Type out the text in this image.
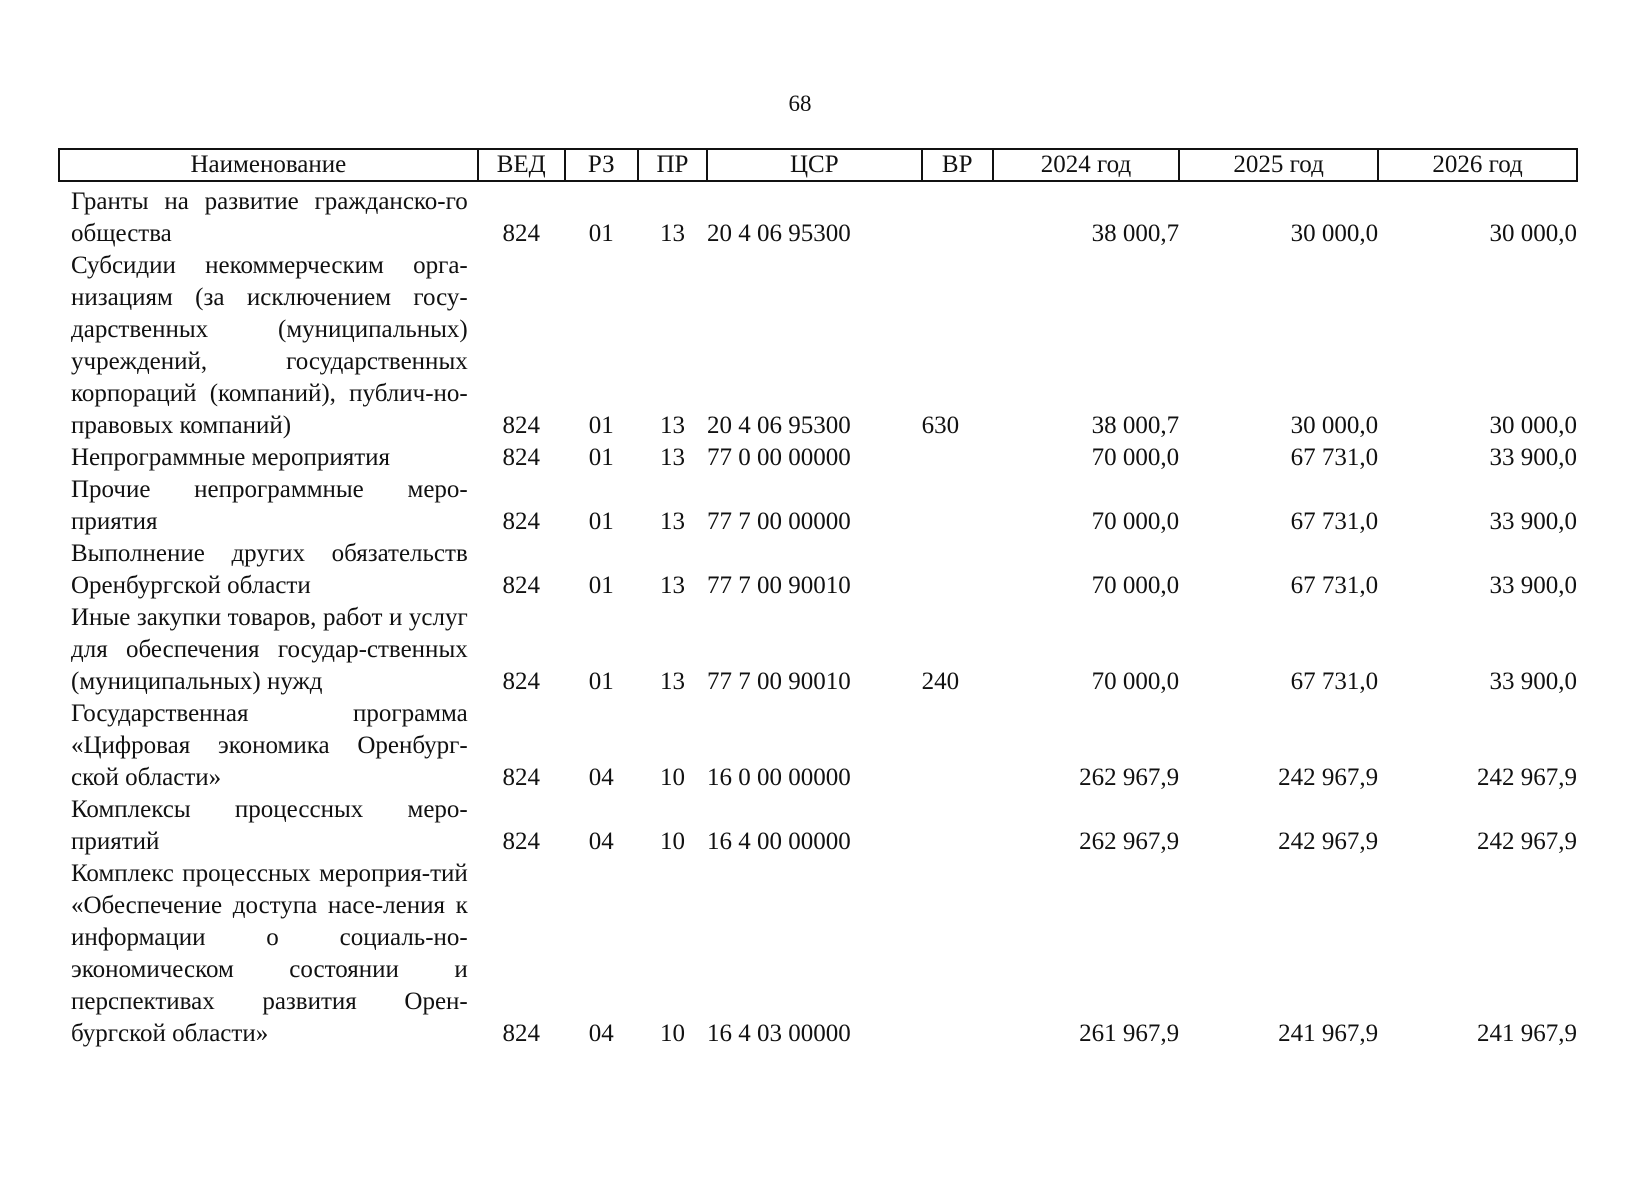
68
Наименование	ВЕД	РЗ	ПР	ЦСР	ВР	2024 год	2025 год	2026 год
Гранты на развитие гражданско-го общества	824	01	13	20 4 06 95300		38 000,7	30 000,0	30 000,0
Субсидии некоммерческим орга-низациям (за исключением госу-дарственных (муниципальных) учреждений, государственных корпораций (компаний), публич-но-правовых компаний)	824	01	13	20 4 06 95300	630	38 000,7	30 000,0	30 000,0
Непрограммные мероприятия	824	01	13	77 0 00 00000		70 000,0	67 731,0	33 900,0
Прочие непрограммные меро-приятия	824	01	13	77 7 00 00000		70 000,0	67 731,0	33 900,0
Выполнение других обязательств Оренбургской области	824	01	13	77 7 00 90010		70 000,0	67 731,0	33 900,0
Иные закупки товаров, работ и услуг для обеспечения государ-ственных (муниципальных) нужд	824	01	13	77 7 00 90010	240	70 000,0	67 731,0	33 900,0
Государственная программа «Цифровая экономика Оренбург-ской области»	824	04	10	16 0 00 00000		262 967,9	242 967,9	242 967,9
Комплексы процессных меро-приятий	824	04	10	16 4 00 00000		262 967,9	242 967,9	242 967,9
Комплекс процессных мероприя-тий «Обеспечение доступа насе-ления к информации о социаль-но-экономическом состоянии и перспективах развития Орен-бургской области»	824	04	10	16 4 03 00000		261 967,9	241 967,9	241 967,9
